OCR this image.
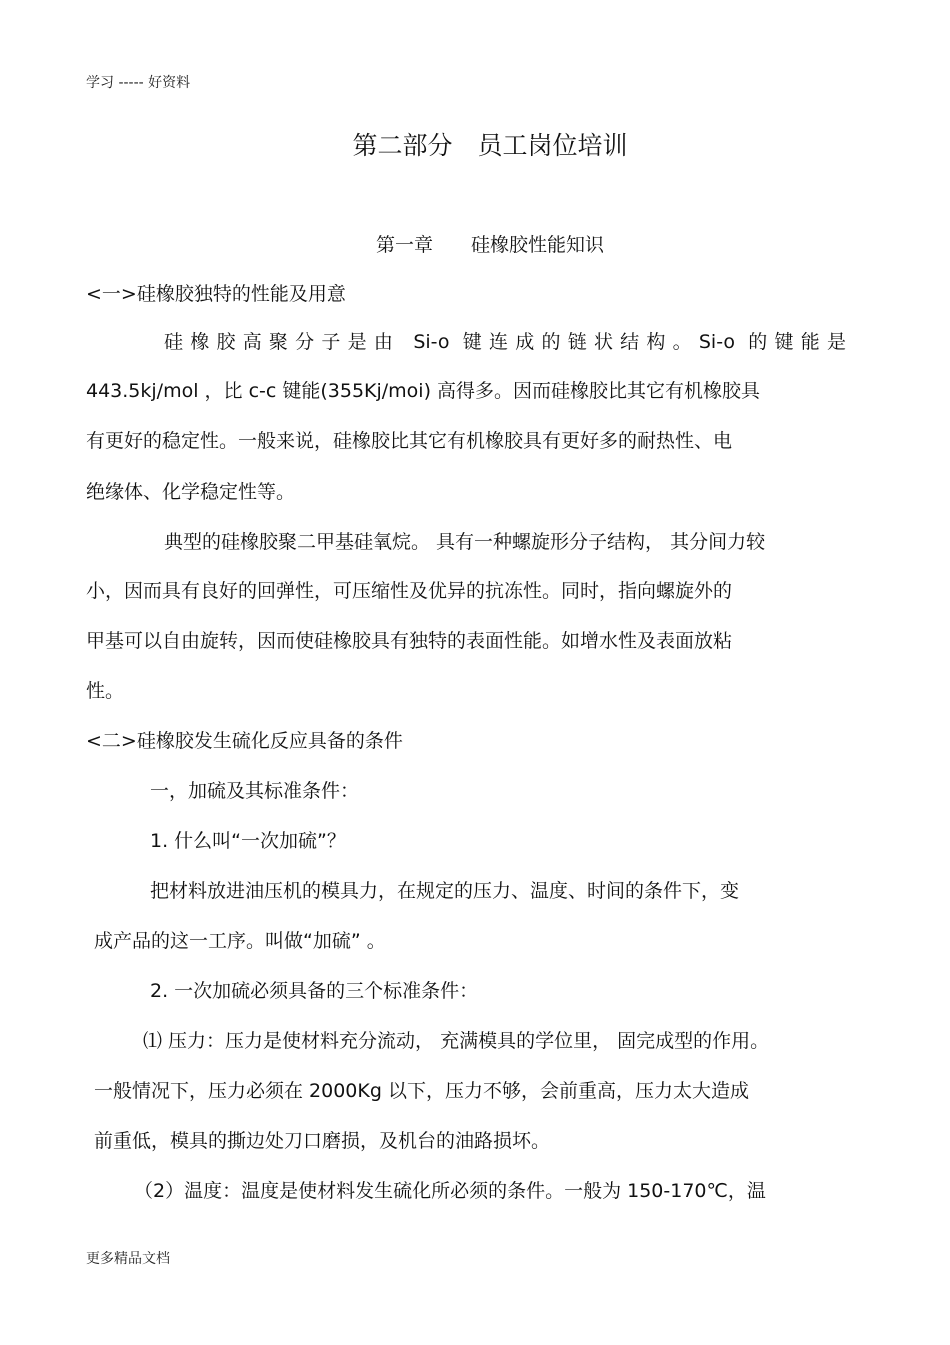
学习 ----- 好资料
第二部分　员工岗位培训
第一章　　硅橡胶性能知识
<一>硅橡胶独特的性能及用意
硅橡胶高聚分子是由 Si-o 键连成的链状结构。Si-o 的键能是
443.5kj/mol ，比 c-c 键能(355Kj/moi) 高得多。因而硅橡胶比其它有机橡胶具
有更好的稳定性。一般来说，硅橡胶比其它有机橡胶具有更好多的耐热性、电
绝缘体、化学稳定性等。
典型的硅橡胶聚二甲基硅氧烷。 具有一种螺旋形分子结构， 其分间力较
小，因而具有良好的回弹性，可压缩性及优异的抗冻性。同时，指向螺旋外的
甲基可以自由旋转，因而使硅橡胶具有独特的表面性能。如增水性及表面放粘
性。
<二>硅橡胶发生硫化反应具备的条件
一，加硫及其标准条件：
1. 什么叫“一次加硫”？
把材料放进油压机的模具力，在规定的压力、温度、时间的条件下，变
成产品的这一工序。叫做“加硫” 。
2. 一次加硫必须具备的三个标准条件：
⑴ 压力：压力是使材料充分流动， 充满模具的学位里， 固完成型的作用。
一般情况下，压力必须在 2000Kg 以下，压力不够，会前重高，压力太大造成
前重低，模具的撕边处刀口磨损，及机台的油路损坏。
（2）温度：温度是使材料发生硫化所必须的条件。一般为 150-170℃，温
更多精品文档
